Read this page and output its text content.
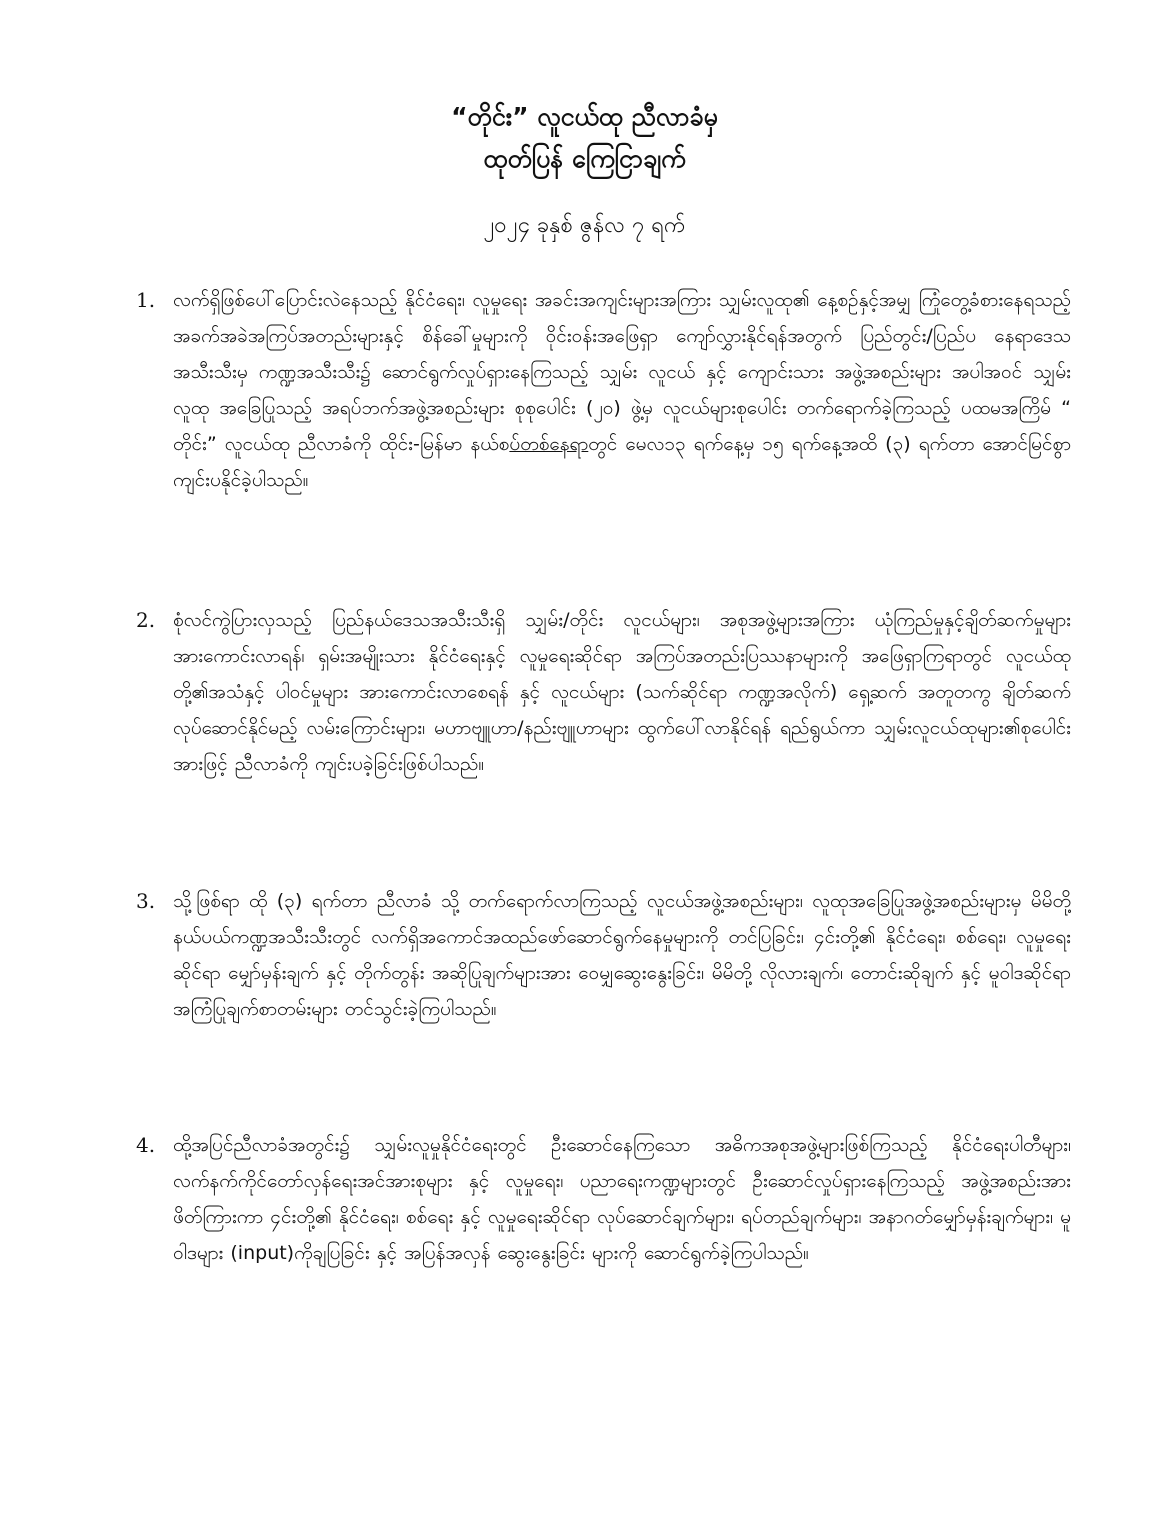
“တိုင်း” လူငယ်ထု ညီလာခံမှ
ထုတ်ပြန် ကြေငြာချက်
၂၀၂၄ ခုနှစ် ဇွန်လ ၇ ရက်
1. လက်ရှိဖြစ်ပေါ်ပြောင်းလဲနေသည့် နိုင်ငံရေး၊ လူမှုရေး အခင်းအကျင်းများအကြား သျှမ်းလူထု၏ နေ့စဉ်နှင့်အမျှ ကြုံတွေ့ခံစားနေရသည့် အခက်အခဲအကြပ်အတည်းများနှင့် စိန်ခေါ်မှုများကို ဝိုင်းဝန်းအဖြေရှာ ကျော်လွှားနိုင်ရန်အတွက် ပြည်တွင်း/ပြည်ပ နေရာဒေသအသီးသီးမှ ကဏ္ဍအသီးသီး၌ ဆောင်ရွက်လှုပ်ရှားနေကြသည့် သျှမ်း လူငယ် နှင့် ကျောင်းသား အဖွဲ့အစည်းများ အပါအဝင် သျှမ်းလူထု အခြေပြုသည့် အရပ်ဘက်အဖွဲ့အစည်းများ စုစုပေါင်း (၂၀) ဖွဲ့မှ လူငယ်များစုပေါင်း တက်ရောက်ခဲ့ကြသည့် ပထမအကြိမ် “ တိုင်း” လူငယ်ထု ညီလာခံကို ထိုင်း-မြန်မာ နယ်စပ်တစ်နေရာတွင် မေလ၁၃ ရက်နေ့မှ ၁၅ ရက်နေ့အထိ (၃) ရက်တာ အောင်မြင်စွာ ကျင်းပနိုင်ခဲ့ပါသည်။
2. စုံလင်ကွဲပြားလှသည့် ပြည်နယ်ဒေသအသီးသီးရှိ သျှမ်း/တိုင်း လူငယ်များ၊ အစုအဖွဲ့များအကြား ယုံကြည်မှုနှင့်ချိတ်ဆက်မှုများ အားကောင်းလာရန်၊ ရှမ်းအမျိုးသား နိုင်ငံရေးနှင့် လူမှုရေးဆိုင်ရာ အကြပ်အတည်းပြဿနာများကို အဖြေရှာကြရာတွင် လူငယ်ထုတို့၏အသံနှင့် ပါဝင်မှုများ အားကောင်းလာစေရန် နှင့် လူငယ်များ (သက်ဆိုင်ရာ ကဏ္ဍအလိုက်) ရှေ့ဆက် အတူတကွ ချိတ်ဆက်လုပ်ဆောင်နိုင်မည့် လမ်းကြောင်းများ၊ မဟာဗျူဟာ/နည်းဗျူဟာများ ထွက်ပေါ်လာနိုင်ရန် ရည်ရွယ်ကာ သျှမ်းလူငယ်ထုများ၏စုပေါင်းအားဖြင့် ညီလာခံကို ကျင်းပခဲ့ခြင်းဖြစ်ပါသည်။
3. သို့ဖြစ်ရာ ထို (၃) ရက်တာ ညီလာခံ သို့ တက်ရောက်လာကြသည့် လူငယ်အဖွဲ့အစည်းများ၊ လူထုအခြေပြုအဖွဲ့အစည်းများမှ မိမိတို့နယ်ပယ်ကဏ္ဍအသီးသီးတွင် လက်ရှိအကောင်အထည်ဖော်ဆောင်ရွက်နေမှုများကို တင်ပြခြင်း၊ ၄င်းတို့၏ နိုင်ငံရေး၊ စစ်ရေး၊ လူမှုရေး ဆိုင်ရာ မျှော်မှန်းချက် နှင့် တိုက်တွန်း အဆိုပြုချက်များအား ဝေမျှဆွေးနွေးခြင်း၊ မိမိတို့ လိုလားချက်၊ တောင်းဆိုချက် နှင့် မူဝါဒဆိုင်ရာ အကြံပြုချက်စာတမ်းများ တင်သွင်းခဲ့ကြပါသည်။
4. ထို့အပြင်ညီလာခံအတွင်း၌ သျှမ်းလူမှုနိုင်ငံရေးတွင် ဦးဆောင်နေကြသော အဓိကအစုအဖွဲ့များဖြစ်ကြသည့် နိုင်ငံရေးပါတီများ၊ လက်နက်ကိုင်တော်လှန်ရေးအင်အားစုများ နှင့် လူမှုရေး၊ ပညာရေးကဏ္ဍများတွင် ဦးဆောင်လှုပ်ရှားနေကြသည့် အဖွဲ့အစည်းအား ဖိတ်ကြားကာ ၄င်းတို့၏ နိုင်ငံရေး၊ စစ်ရေး နှင့် လူမှုရေးဆိုင်ရာ လုပ်ဆောင်ချက်များ၊ ရပ်တည်ချက်များ၊ အနာဂတ်မျှော်မှန်းချက်များ၊ မူဝါဒများ (input)ကိုချပြခြင်း နှင့် အပြန်အလှန် ဆွေးနွေးခြင်း များကို ဆောင်ရွက်ခဲ့ကြပါသည်။
